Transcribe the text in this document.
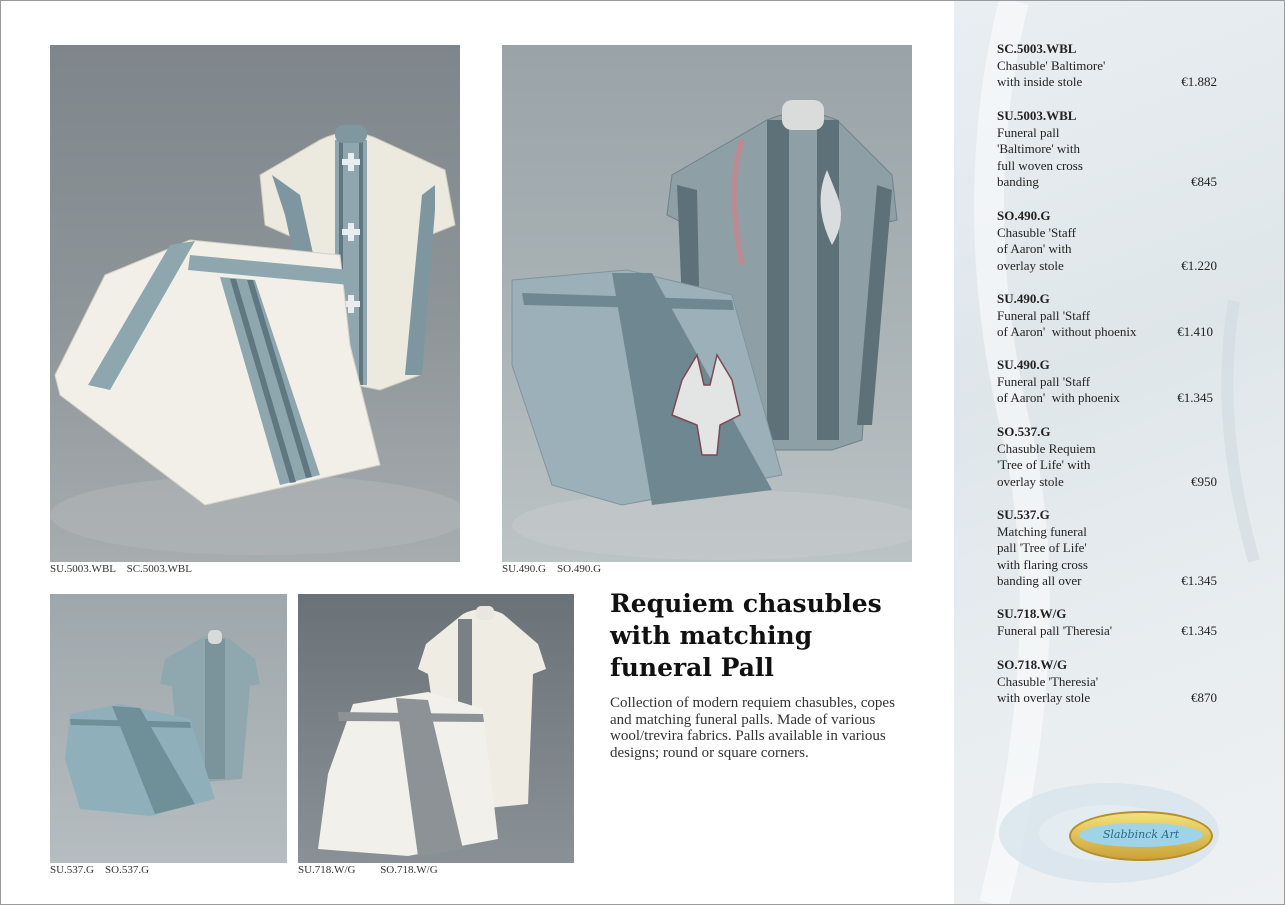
SU.5003.WBL    SC.5003.WBL	SU.490.G    SO.490.G
SU.537.G    SO.537.G	SU.718.W/G         SO.718.W/G
Requiem chasubles with matching funeral Pall
Collection of modern requiem chasubles, copes and matching funeral palls. Made of various wool/trevira fabrics. Palls available in various designs; round or square corners.
Slabbinck Art
SC.5003.WBL
Chasuble' Baltimore'
with inside stole	€1.882
SU.5003.WBL
Funeral pall
'Baltimore' with
full woven cross
banding	€845
SO.490.G
Chasuble 'Staff
of Aaron' with
overlay stole	€1.220
SU.490.G
Funeral pall 'Staff
of Aaron'  without phoenix	€1.410
SU.490.G
Funeral pall 'Staff
of Aaron'  with phoenix	€1.345
SO.537.G
Chasuble Requiem
'Tree of Life' with
overlay stole	€950
SU.537.G
Matching funeral
pall 'Tree of Life'
with flaring cross
banding all over	€1.345
SU.718.W/G
Funeral pall 'Theresia'	€1.345
SO.718.W/G
Chasuble 'Theresia'
with overlay stole	€870
